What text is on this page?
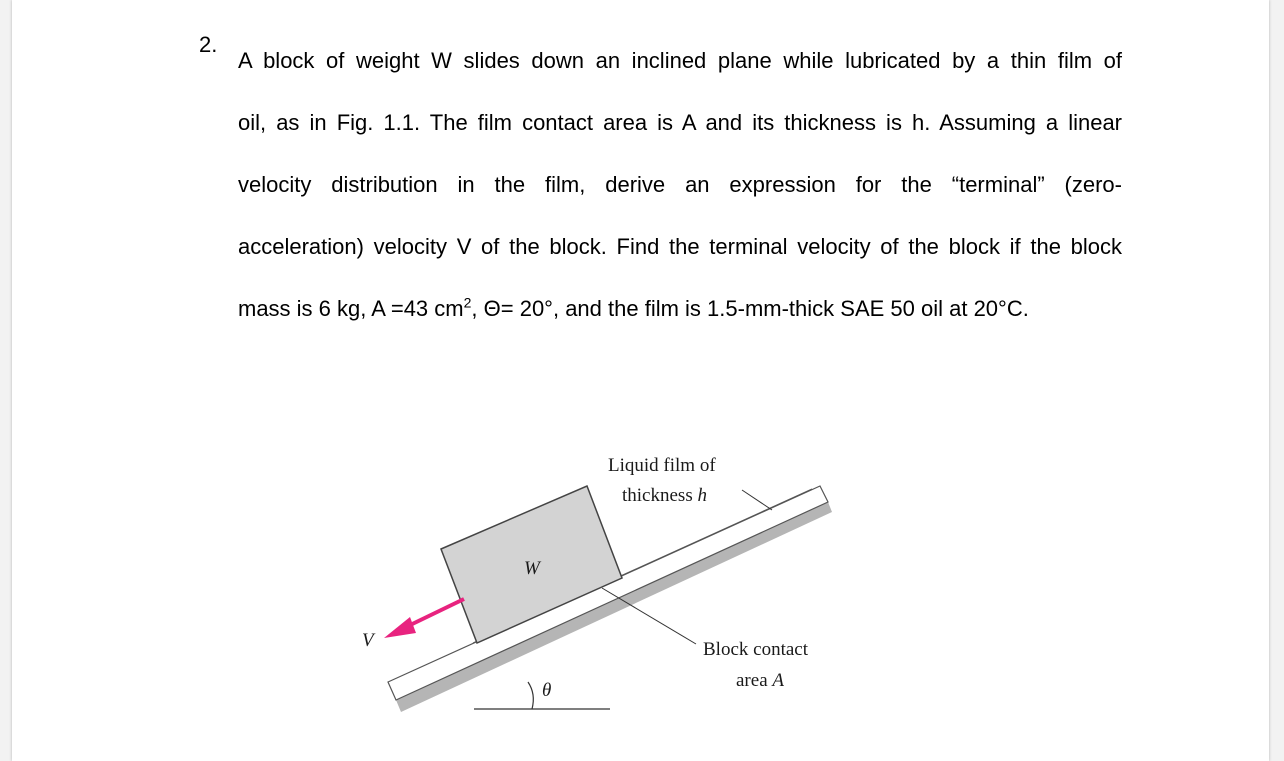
2.
A block of weight W slides down an inclined plane while lubricated by a thin film of
oil, as in Fig. 1.1. The film contact area is A and its thickness is h. Assuming a linear
velocity distribution in the film, derive an expression for the “terminal” (zero-
acceleration) velocity V of the block. Find the terminal velocity of the block if the block
mass is 6 kg, A =43 $cm^2$, Θ= 20°, and the film is 1.5-mm-thick SAE 50 oil at 20°C.
W
V
Liquid film of
thickness h
Block contact
area A
θ
